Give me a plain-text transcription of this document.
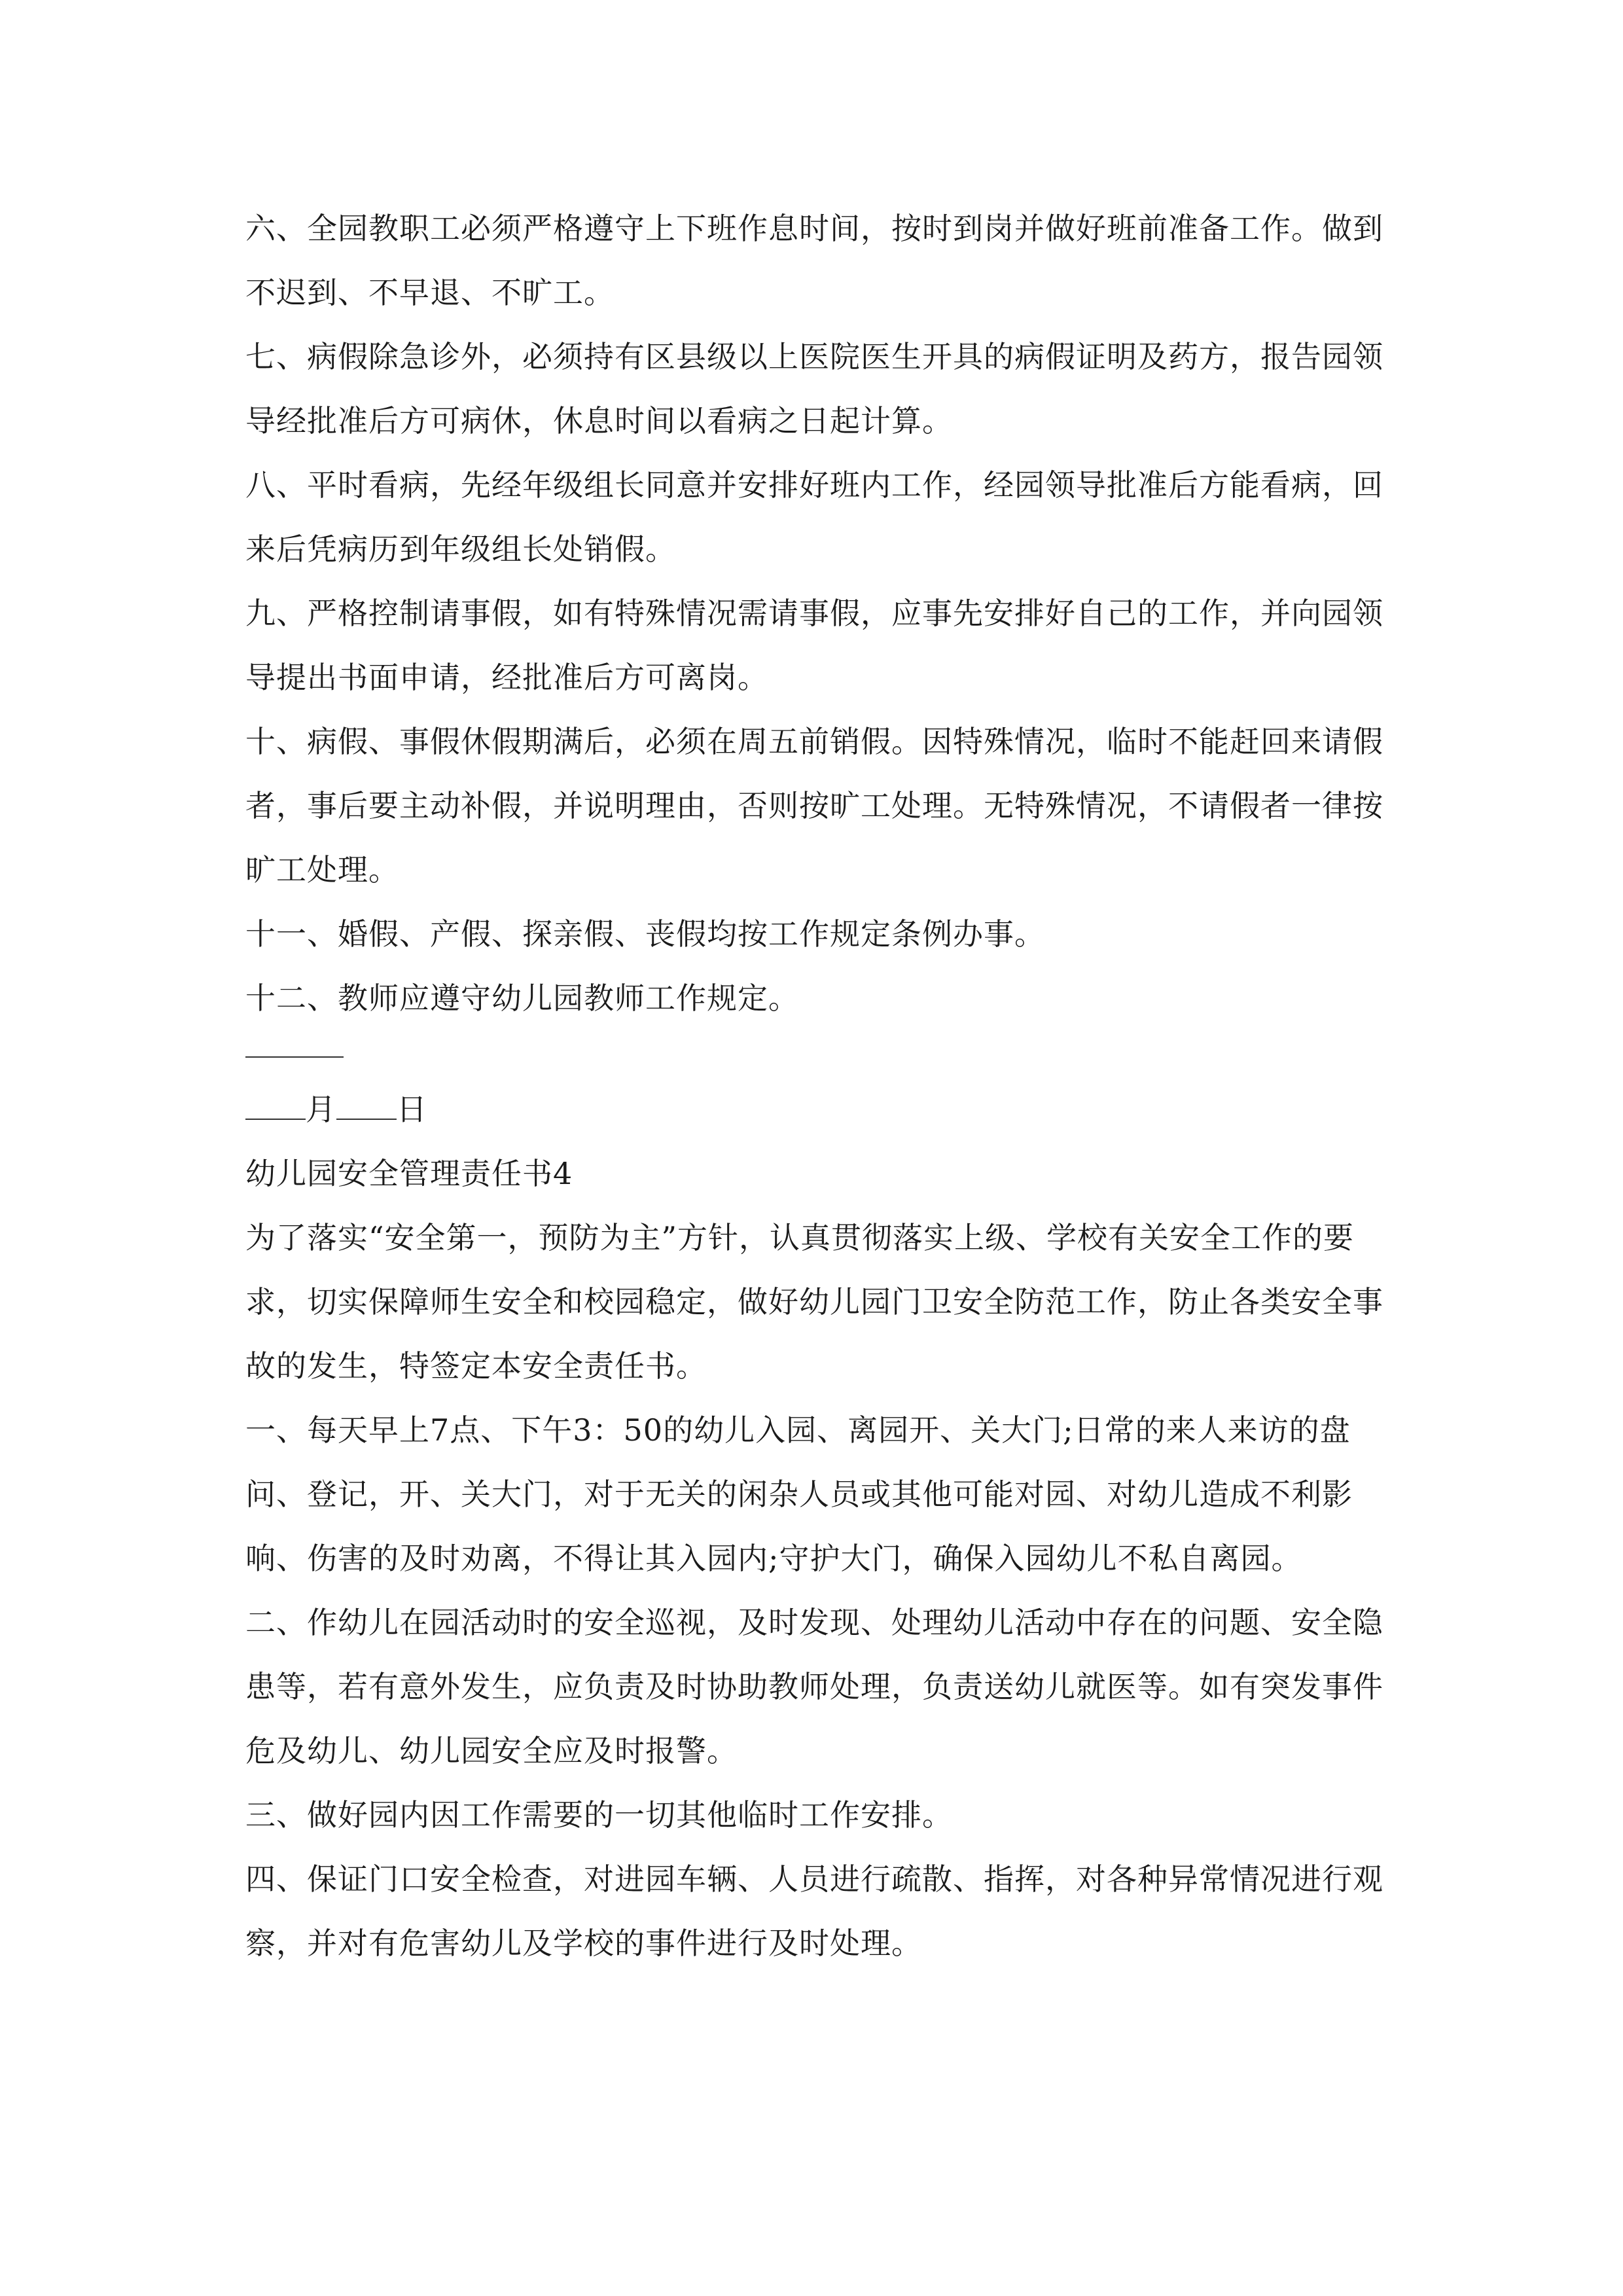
六、全园教职工必须严格遵守上下班作息时间，按时到岗并做好班前准备工作。做到不迟到、不早退、不旷工。

七、病假除急诊外，必须持有区县级以上医院医生开具的病假证明及药方，报告园领导经批准后方可病休，休息时间以看病之日起计算。

八、平时看病，先经年级组长同意并安排好班内工作，经园领导批准后方能看病，回来后凭病历到年级组长处销假。

九、严格控制请事假，如有特殊情况需请事假，应事先安排好自己的工作，并向园领导提出书面申请，经批准后方可离岗。

十、病假、事假休假期满后，必须在周五前销假。因特殊情况，临时不能赶回来请假者，事后要主动补假，并说明理由，否则按旷工处理。无特殊情况，不请假者一律按旷工处理。

十一、婚假、产假、探亲假、丧假均按工作规定条例办事。

十二、教师应遵守幼儿园教师工作规定。

月 日

幼儿园安全管理责任书4

为了落实“安全第一，预防为主”方针，认真贯彻落实上级、学校有关安全工作的要求，切实保障师生安全和校园稳定，做好幼儿园门卫安全防范工作，防止各类安全事故的发生，特签定本安全责任书。

一、每天早上7点、下午3：50的幼儿入园、离园开、关大门;日常的来人来访的盘问、登记，开、关大门，对于无关的闲杂人员或其他可能对园、对幼儿造成不利影响、伤害的及时劝离，不得让其入园内;守护大门，确保入园幼儿不私自离园。

二、作幼儿在园活动时的安全巡视，及时发现、处理幼儿活动中存在的问题、安全隐患等，若有意外发生，应负责及时协助教师处理，负责送幼儿就医等。如有突发事件危及幼儿、幼儿园安全应及时报警。

三、做好园内因工作需要的一切其他临时工作安排。

四、保证门口安全检查，对进园车辆、人员进行疏散、指挥，对各种异常情况进行观察，并对有危害幼儿及学校的事件进行及时处理。
